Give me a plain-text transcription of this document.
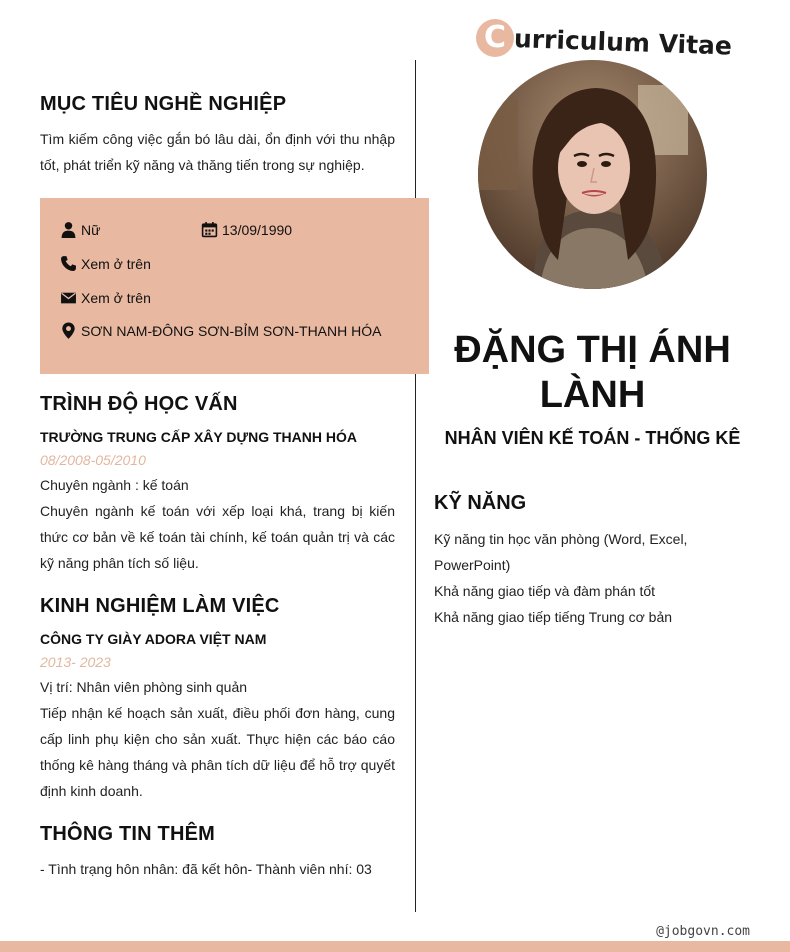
C urriculum Vitae
MỤC TIÊU NGHỀ NGHIỆP
Tìm kiếm công việc gắn bó lâu dài, ổn định với thu nhập tốt, phát triển kỹ năng và thăng tiến trong sự nghiệp.
Nữ	13/09/1990
Xem ở trên
Xem ở trên
SƠN NAM-ĐÔNG SƠN-BỈM SƠN-THANH HÓA
TRÌNH ĐỘ HỌC VẤN
TRƯỜNG TRUNG CẤP XÂY DỰNG THANH HÓA
08/2008-05/2010
Chuyên ngành : kế toán
Chuyên ngành kế toán với xếp loại khá, trang bị kiến thức cơ bản về kế toán tài chính, kế toán quản trị và các kỹ năng phân tích số liệu.
KINH NGHIỆM LÀM VIỆC
CÔNG TY GIÀY ADORA VIỆT NAM
2013- 2023
Vị trí: Nhân viên phòng sinh quản
Tiếp nhận kế hoạch sản xuất, điều phối đơn hàng, cung cấp linh phụ kiện cho sản xuất. Thực hiện các báo cáo thống kê hàng tháng và phân tích dữ liệu để hỗ trợ quyết định kinh doanh.
THÔNG TIN THÊM
- Tình trạng hôn nhân: đã kết hôn- Thành viên nhí: 03
ĐẶNG THỊ ÁNH
LÀNH
NHÂN VIÊN KẾ TOÁN - THỐNG KÊ
KỸ NĂNG
Kỹ năng tin học văn phòng (Word, Excel, PowerPoint)
Khả năng giao tiếp và đàm phán tốt
Khả năng giao tiếp tiếng Trung cơ bản
@jobgovn.com
